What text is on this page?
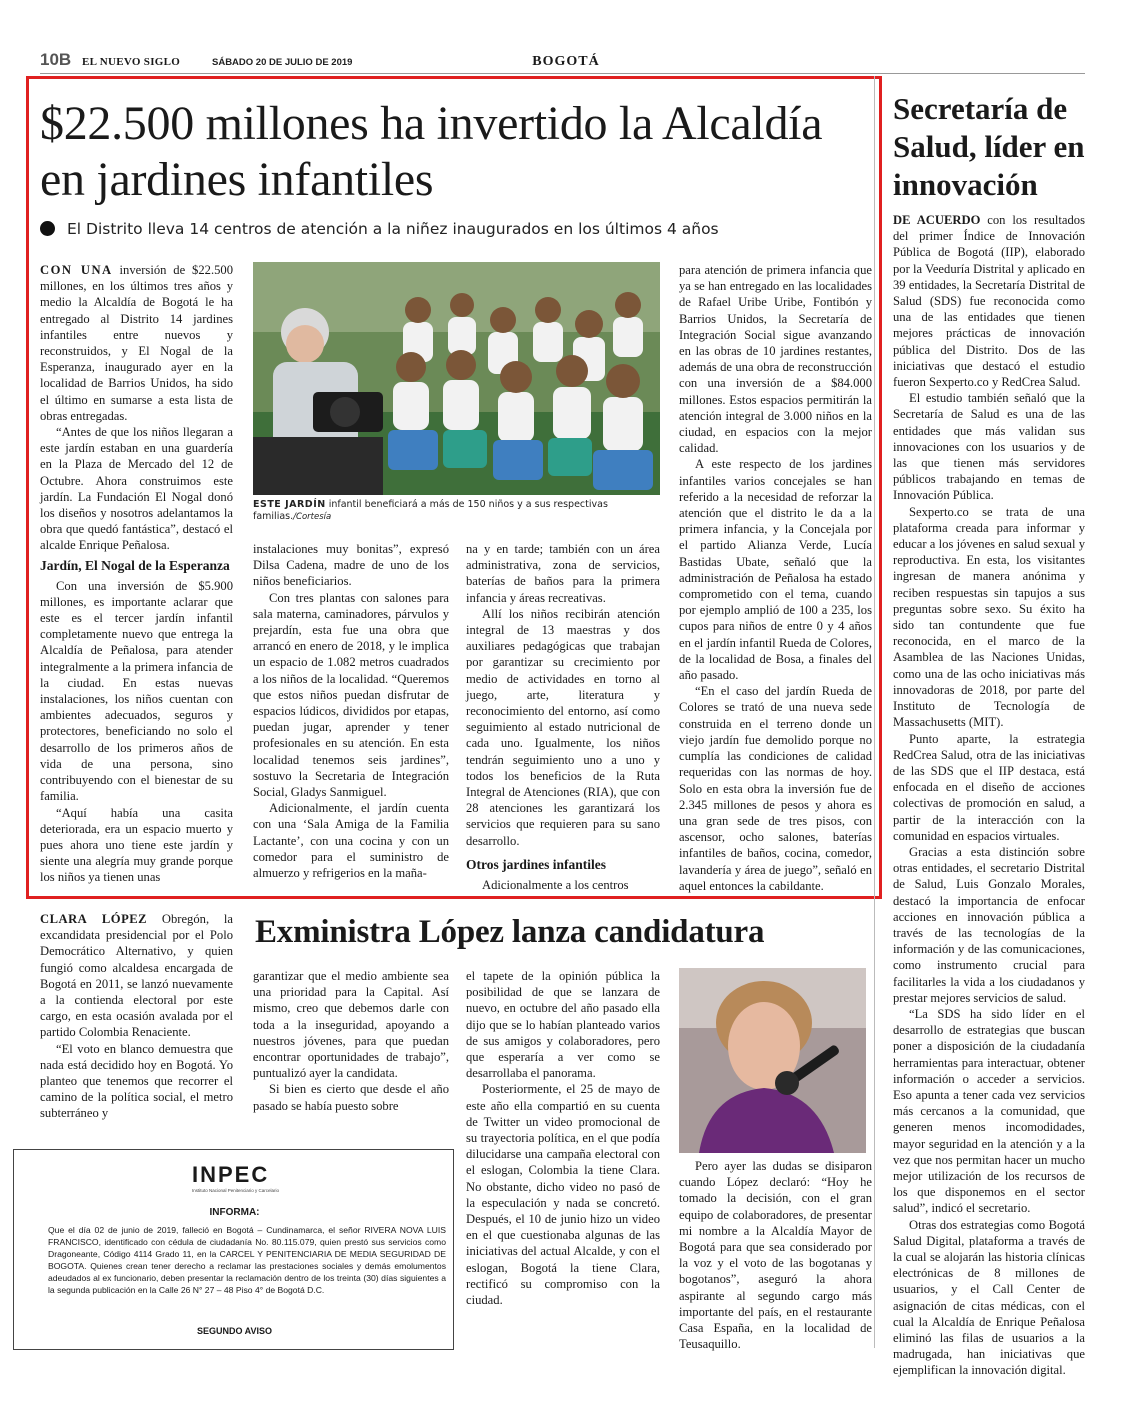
10B EL NUEVO SIGLO	SÁBADO 20 DE JULIO DE 2019	BOGOTÁ
$22.500 millones ha invertido la Alcaldía en jardines infantiles
El Distrito lleva 14 centros de atención a la niñez inaugurados en los últimos 4 años

CON UNA inversión de $22.500 millones, en los últimos tres años y medio la Alcaldía de Bogotá le ha entregado al Distrito 14 jardines infantiles entre nuevos y reconstruidos, y El Nogal de la Esperanza, inaugurado ayer en la localidad de Barrios Unidos, ha sido el último en sumarse a esta lista de obras entregadas.

“Antes de que los niños llegaran a este jardín estaban en una guardería en la Plaza de Mercado del 12 de Octubre. Ahora construimos este jardín. La Fundación El Nogal donó los diseños y nosotros adelantamos la obra que quedó fantástica”, destacó el alcalde Enrique Peñalosa.

Jardín, El Nogal de la Esperanza

Con una inversión de $5.900 millones, es importante aclarar que este es el tercer jardín infantil completamente nuevo que entrega la Alcaldía de Peñalosa, para atender integralmente a la primera infancia de la ciudad. En estas nuevas instalaciones, los niños cuentan con ambientes adecuados, seguros y protectores, beneficiando no solo el desarrollo de los primeros años de vida de una persona, sino contribuyendo con el bienestar de su familia.

“Aquí había una casita deteriorada, era un espacio muerto y pues ahora uno tiene este jardín y siente una alegría muy grande porque los niños ya tienen unas

ESTE JARDÍN infantil beneficiará a más de 150 niños y a sus respectivas familias./Cortesía

instalaciones muy bonitas”, expresó Dilsa Cadena, madre de uno de los niños beneficiarios.

Con tres plantas con salones para sala materna, caminadores, párvulos y prejardín, esta fue una obra que arrancó en enero de 2018, y le implica un espacio de 1.082 metros cuadrados a los niños de la localidad. “Queremos que estos niños puedan disfrutar de espacios lúdicos, divididos por etapas, puedan jugar, aprender y tener profesionales en su atención. En esta localidad tenemos seis jardines”, sostuvo la Secretaria de Integración Social, Gladys Sanmiguel.

Adicionalmente, el jardín cuenta con una ‘Sala Amiga de la Familia Lactante’, con una cocina y con un comedor para el suministro de almuerzo y refrigerios en la maña-

na y en tarde; también con un área administrativa, zona de servicios, baterías de baños para la primera infancia y áreas recreativas.

Allí los niños recibirán atención integral de 13 maestras y dos auxiliares pedagógicas que trabajan por garantizar su crecimiento por medio de actividades en torno al juego, arte, literatura y reconocimiento del entorno, así como seguimiento al estado nutricional de cada uno. Igualmente, los niños tendrán seguimiento uno a uno y todos los beneficios de la Ruta Integral de Atenciones (RIA), que con 28 atenciones les garantizará los servicios que requieren para su sano desarrollo.

Otros jardines infantiles

Adicionalmente a los centros

para atención de primera infancia que ya se han entregado en las localidades de Rafael Uribe Uribe, Fontibón y Barrios Unidos, la Secretaría de Integración Social sigue avanzando en las obras de 10 jardines restantes, además de una obra de reconstrucción con una inversión de a $84.000 millones. Estos espacios permitirán la atención integral de 3.000 niños en la ciudad, en espacios con la mejor calidad.

A este respecto de los jardines infantiles varios concejales se han referido a la necesidad de reforzar la atención que el distrito le da a la primera infancia, y la Concejala por el partido Alianza Verde, Lucía Bastidas Ubate, señaló que la administración de Peñalosa ha estado comprometido con el tema, cuando por ejemplo amplió de 100 a 235, los cupos para niños de entre 0 y 4 años en el jardín infantil Rueda de Colores, de la localidad de Bosa, a finales del año pasado.

“En el caso del jardín Rueda de Colores se trató de una nueva sede construida en el terreno donde un viejo jardín fue demolido porque no cumplía las condiciones de calidad requeridas con las normas de hoy. Solo en esta obra la inversión fue de 2.345 millones de pesos y ahora es una gran sede de tres pisos, con ascensor, ocho salones, baterías infantiles de baños, cocina, comedor, lavandería y área de juego”, señaló en aquel entonces la cabildante.

Secretaría de Salud, líder en innovación

DE ACUERDO con los resultados del primer Índice de Innovación Pública de Bogotá (IIP), elaborado por la Veeduría Distrital y aplicado en 39 entidades, la Secretaría Distrital de Salud (SDS) fue reconocida como una de las entidades que tienen mejores prácticas de innovación pública del Distrito. Dos de las iniciativas que destacó el estudio fueron Sexperto.co y RedCrea Salud.

El estudio también señaló que la Secretaría de Salud es una de las entidades que más validan sus innovaciones con los usuarios y de las que tienen más servidores públicos trabajando en temas de Innovación Pública.

Sexperto.co se trata de una plataforma creada para informar y educar a los jóvenes en salud sexual y reproductiva. En esta, los visitantes ingresan de manera anónima y reciben respuestas sin tapujos a sus preguntas sobre sexo. Su éxito ha sido tan contundente que fue reconocida, en el marco de la Asamblea de las Naciones Unidas, como una de las ocho iniciativas más innovadoras de 2018, por parte del Instituto de Tecnología de Massachusetts (MIT).

Punto aparte, la estrategia RedCrea Salud, otra de las iniciativas de las SDS que el IIP destaca, está enfocada en el diseño de acciones colectivas de promoción en salud, a partir de la interacción con la comunidad en espacios virtuales.

Gracias a esta distinción sobre otras entidades, el secretario Distrital de Salud, Luis Gonzalo Morales, destacó la importancia de enfocar acciones en innovación pública a través de las tecnologías de la información y de las comunicaciones, como instrumento crucial para facilitarles la vida a los ciudadanos y prestar mejores servicios de salud.

“La SDS ha sido líder en el desarrollo de estrategias que buscan poner a disposición de la ciudadanía herramientas para interactuar, obtener información o acceder a servicios. Eso apunta a tener cada vez servicios más cercanos a la comunidad, que generen menos incomodidades, mayor seguridad en la atención y a la vez que nos permitan hacer un mucho mejor utilización de los recursos de los que disponemos en el sector salud”, indicó el secretario.

Otras dos estrategias como Bogotá Salud Digital, plataforma a través de la cual se alojarán las historia clínicas electrónicas de 8 millones de usuarios, y el Call Center de asignación de citas médicas, con el cual la Alcaldía de Enrique Peñalosa eliminó las filas de usuarios a la madrugada, han iniciativas que ejemplifican la innovación digital.

CLARA LÓPEZ Obregón, la excandidata presidencial por el Polo Democrático Alternativo, y quien fungió como alcaldesa encargada de Bogotá en 2011, se lanzó nuevamente a la contienda electoral por este cargo, en esta ocasión avalada por el partido Colombia Renaciente.

“El voto en blanco demuestra que nada está decidido hoy en Bogotá. Yo planteo que tenemos que recorrer el camino de la política social, el metro subterráneo y

Exministra López lanza candidatura

garantizar que el medio ambiente sea una prioridad para la Capital. Así mismo, creo que debemos darle con toda a la inseguridad, apoyando a nuestros jóvenes, para que puedan encontrar oportunidades de trabajo”, puntualizó ayer la candidata.

Si bien es cierto que desde el año pasado se había puesto sobre

el tapete de la opinión pública la posibilidad de que se lanzara de nuevo, en octubre del año pasado ella dijo que se lo habían planteado varios de sus amigos y colaboradores, pero que esperaría a ver como se desarrollaba el panorama.

Posteriormente, el 25 de mayo de este año ella compartió en su cuenta de Twitter un video promocional de su trayectoria política, en el que podía dilucidarse una campaña electoral con el eslogan, Colombia la tiene Clara. No obstante, dicho video no pasó de la especulación y nada se concretó. Después, el 10 de junio hizo un video en el que cuestionaba algunas de las iniciativas del actual Alcalde, y con el eslogan, Bogotá la tiene Clara, rectificó su compromiso con la ciudad.

Pero ayer las dudas se disiparon cuando López declaró: “Hoy he tomado la decisión, con el gran equipo de colaboradores, de presentar mi nombre a la Alcaldía Mayor de Bogotá para que sea considerado por la voz y el voto de las bogotanas y bogotanos”, aseguró la ahora aspirante al segundo cargo más importante del país, en el restaurante Casa España, en la localidad de Teusaquillo.

INPEC
Instituto Nacional Penitenciario y Carcelario
INFORMA:
Que el día 02 de junio de 2019, falleció en Bogotá – Cundinamarca, el señor RIVERA NOVA LUIS FRANCISCO, identificado con cédula de ciudadanía No. 80.115.079, quien prestó sus servicios como Dragoneante, Código 4114 Grado 11, en la CARCEL Y PENITENCIARIA DE MEDIA SEGURIDAD DE BOGOTA. Quienes crean tener derecho a reclamar las prestaciones sociales y demás emolumentos adeudados al ex funcionario, deben presentar la reclamación dentro de los treinta (30) días siguientes a la segunda publicación en la Calle 26 N° 27 – 48 Piso 4° de Bogotá D.C.
SEGUNDO AVISO
